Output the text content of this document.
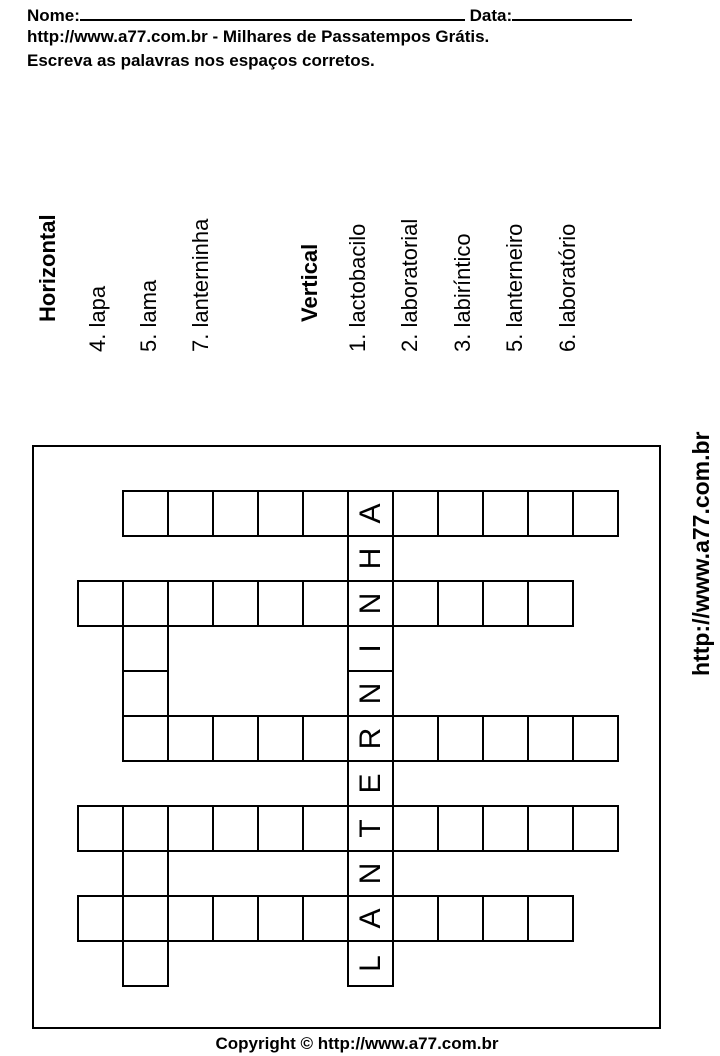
Nome:	Data:
http://www.a77.com.br - Milhares de Passatempos Grátis.
Escreva as palavras nos espaços corretos.
Horizontal 4. lapa 5. lama 7. lanterninha	Vertical 1. lactobacilo 2. laboratorial 3. labiríntico 5. lanterneiro 6. laboratório
http://www.a77.com.br
A
H
N
I
N
R
E
T
N
A
L
Copyright © http://www.a77.com.br
